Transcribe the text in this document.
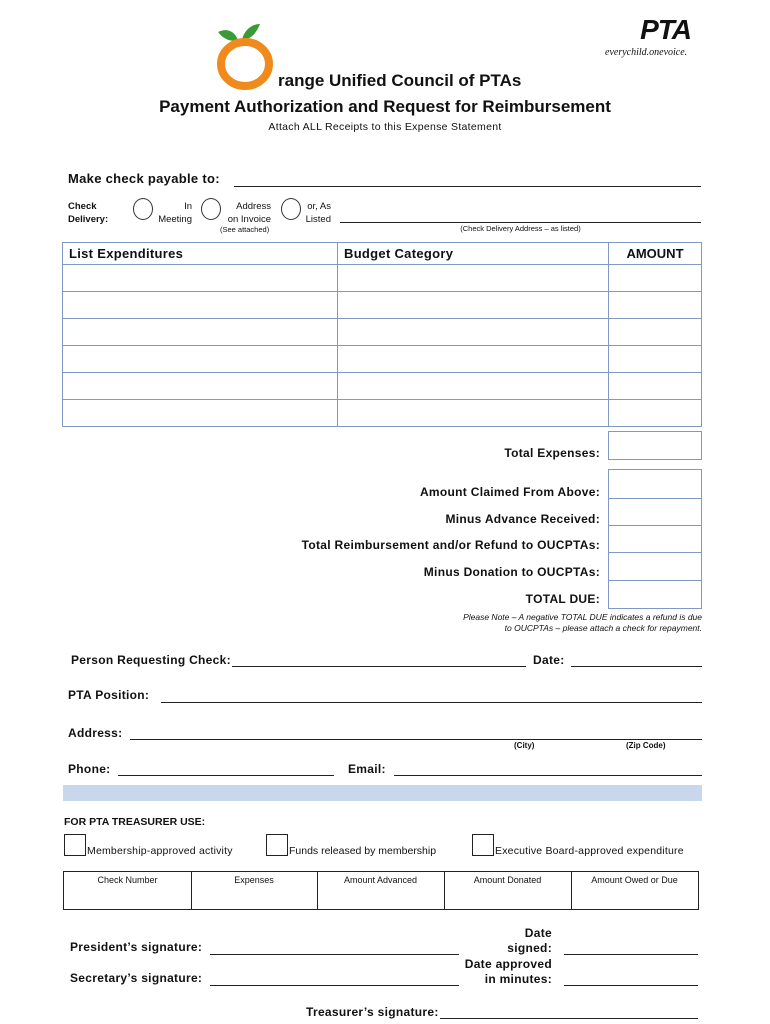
PTA
everychild.onevoice.
range Unified Council of PTAs
Payment Authorization and Request for Reimbursement
Attach ALL Receipts to this Expense Statement
Make check payable to:
Check
Delivery:
In
Meeting
Address
on Invoice
(See attached)
or, As
Listed
(Check Delivery Address – as listed)
List Expenditures	Budget Category	AMOUNT
Total Expenses:
Amount Claimed From Above:
Minus Advance Received:
Total Reimbursement and/or Refund to OUCPTAs:
Minus Donation to OUCPTAs:
TOTAL DUE:
Please Note – A negative TOTAL DUE indicates a refund is due
to OUCPTAs – please attach a check for repayment.
Person Requesting Check:	Date:
PTA Position:
Address:
(City)	(Zip Code)
Phone:	Email:
FOR PTA TREASURER USE:
Membership-approved activity	Funds released by membership	Executive Board-approved expenditure
Check Number	Expenses	Amount Advanced	Amount Donated	Amount Owed or Due
President’s signature:
Secretary’s signature:
Date
signed:
Date approved
in minutes:
Treasurer’s signature:
